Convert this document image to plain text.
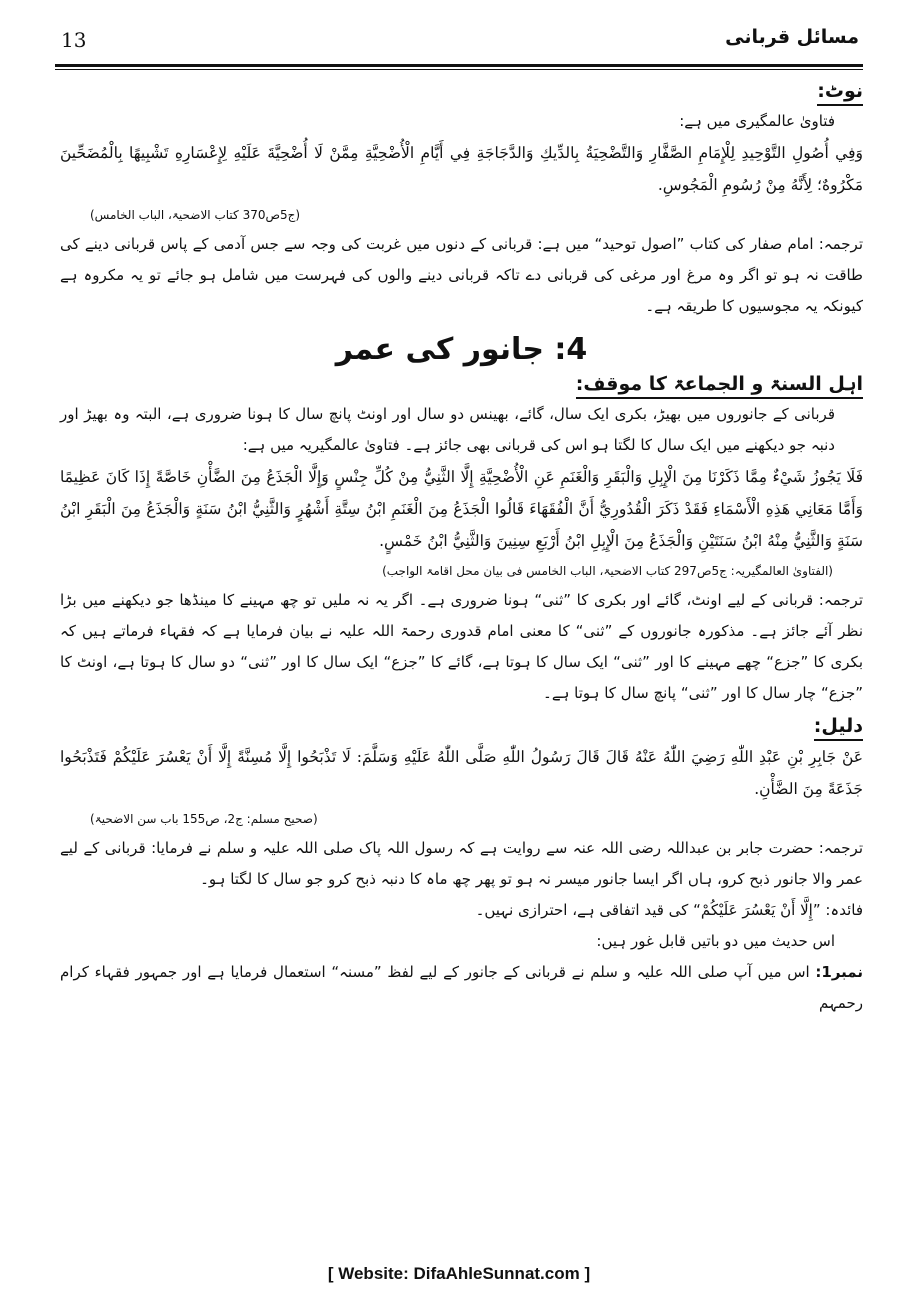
13	مسائل قربانی
نوٹ:

فتاویٰ عالمگیری میں ہے:

وَفِي أُصُولِ التَّوْحِيدِ لِلْإِمَامِ الصَّفَّارِ وَالتَّضْحِيَةُ بِالدِّيكِ وَالدَّجَاجَةِ فِي أَيَّامِ الْأُضْحِيَّةِ مِمَّنْ لَا أُضْحِيَّةَ عَلَيْهِ لِإِعْسَارِهِ تَشْبِيهًا بِالْمُضَحِّينَ مَكْرُوهٌ؛ لِأَنَّهُ مِنْ رُسُومِ الْمَجُوسِ.

(ج5ص370 کتاب الاضحیۃ، الباب الخامس)

ترجمہ: امام صفار کی کتاب ”اصول توحید“ میں ہے: قربانی کے دنوں میں غربت کی وجہ سے جس آدمی کے پاس قربانی دینے کی طاقت نہ ہو تو اگر وہ مرغ اور مرغی کی قربانی دے تاکہ قربانی دینے والوں کی فہرست میں شامل ہو جائے تو یہ مکروہ ہے کیونکہ یہ مجوسیوں کا طریقہ ہے۔

4: جانور کی عمر
اہل السنۃ و الجماعۃ کا موقف:

قربانی کے جانوروں میں بھیڑ، بکری ایک سال، گائے، بھینس دو سال اور اونٹ پانچ سال کا ہونا ضروری ہے، البتہ وہ بھیڑ اور دنبہ جو دیکھنے میں ایک سال کا لگتا ہو اس کی قربانی بھی جائز ہے۔ فتاویٰ عالمگیریہ میں ہے:

فَلَا يَجُوزُ شَيْءٌ مِمَّا ذَكَرْنَا مِنَ الْإِبِلِ وَالْبَقَرِ وَالْغَنَمِ عَنِ الْأُضْحِيَّةِ إِلَّا الثَّنِيُّ مِنْ كُلِّ جِنْسٍ وَإِلَّا الْجَذَعُ مِنَ الضَّأْنِ خَاصَّةً إِذَا كَانَ عَظِيمًا وَأَمَّا مَعَانِي هَذِهِ الْأَسْمَاءِ فَقَدْ ذَكَرَ الْقُدُورِيُّ أَنَّ الْفُقَهَاءَ قَالُوا الْجَذَعُ مِنَ الْغَنَمِ ابْنُ سِتَّةِ أَشْهُرٍ وَالثَّنِيُّ ابْنُ سَنَةٍ وَالْجَذَعُ مِنَ الْبَقَرِ ابْنُ سَنَةٍ وَالثَّنِيُّ مِنْهُ ابْنُ سَنَتَيْنِ وَالْجَذَعُ مِنَ الْإِبِلِ ابْنُ أَرْبَعِ سِنِينَ وَالثَّنِيُّ ابْنُ خَمْسٍ.

(الفتاویٰ العالمگیریہ: ج5ص297 کتاب الاضحیۃ، الباب الخامس فی بیان محل اقامۃ الواجب)

ترجمہ: قربانی کے لیے اونٹ، گائے اور بکری کا ”ثنی“ ہونا ضروری ہے۔ اگر یہ نہ ملیں تو چھ مہینے کا مینڈھا جو دیکھنے میں بڑا نظر آئے جائز ہے۔ مذکورہ جانوروں کے ”ثنی“ کا معنی امام قدوری رحمۃ اللہ علیہ نے بیان فرمایا ہے کہ فقہاء فرماتے ہیں کہ بکری کا ”جزع“ چھے مہینے کا اور ”ثنی“ ایک سال کا ہوتا ہے، گائے کا ”جزع“ ایک سال کا اور ”ثنی“ دو سال کا ہوتا ہے، اونٹ کا ”جزع“ چار سال کا اور ”ثنی“ پانچ سال کا ہوتا ہے۔

دلیل:

عَنْ جَابِرِ بْنِ عَبْدِ اللّٰهِ رَضِيَ اللّٰهُ عَنْهُ قَالَ قَالَ رَسُولُ اللّٰهِ صَلَّى اللّٰهُ عَلَيْهِ وَسَلَّمَ: لَا تَذْبَحُوا إِلَّا مُسِنَّةً إِلَّا أَنْ يَعْسُرَ عَلَيْكُمْ فَتَذْبَحُوا جَذَعَةً مِنَ الضَّأْنِ.

(صحیح مسلم: ج2، ص155 باب سن الاضحیۃ)

ترجمہ: حضرت جابر بن عبداللہ رضی اللہ عنہ سے روایت ہے کہ رسول اللہ پاک صلی اللہ علیہ و سلم نے فرمایا: قربانی کے لیے عمر والا جانور ذبح کرو، ہاں اگر ایسا جانور میسر نہ ہو تو پھر چھ ماہ کا دنبہ ذبح کرو جو سال کا لگتا ہو۔

فائدہ: ”إِلَّا أَنْ يَعْسُرَ عَلَيْكُمْ“ کی قید اتفاقی ہے، احترازی نہیں۔

اس حدیث میں دو باتیں قابل غور ہیں:

نمبر1: اس میں آپ صلی اللہ علیہ و سلم نے قربانی کے جانور کے لیے لفظ ”مسنہ“ استعمال فرمایا ہے اور جمہور فقہاء کرام رحمہم

[ Website: DifaAhleSunnat.com ]
